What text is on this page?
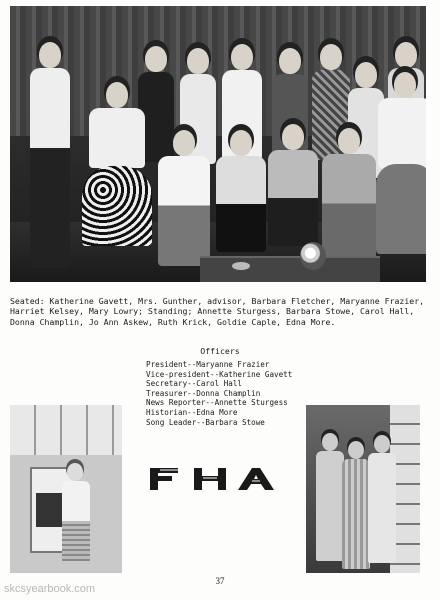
Seated: Katherine Gavett, Mrs. Gunther, advisor, Barbara Fletcher, Maryanne Frazier, Harriet Kelsey, Mary Lowry; Standing; Annette Sturgess, Barbara Stowe, Carol Hall, Donna Champlin, Jo Ann Askew, Ruth Krick, Goldie Caple, Edna More.
Officers
President--Maryanne Frazier
Vice-president--Katherine Gavett
Secretary--Carol Hall
Treasurer--Donna Champlin
News Reporter--Annette Sturgess
Historian--Edna More
Song Leader--Barbara Stowe
37
skcsyearbook.com
